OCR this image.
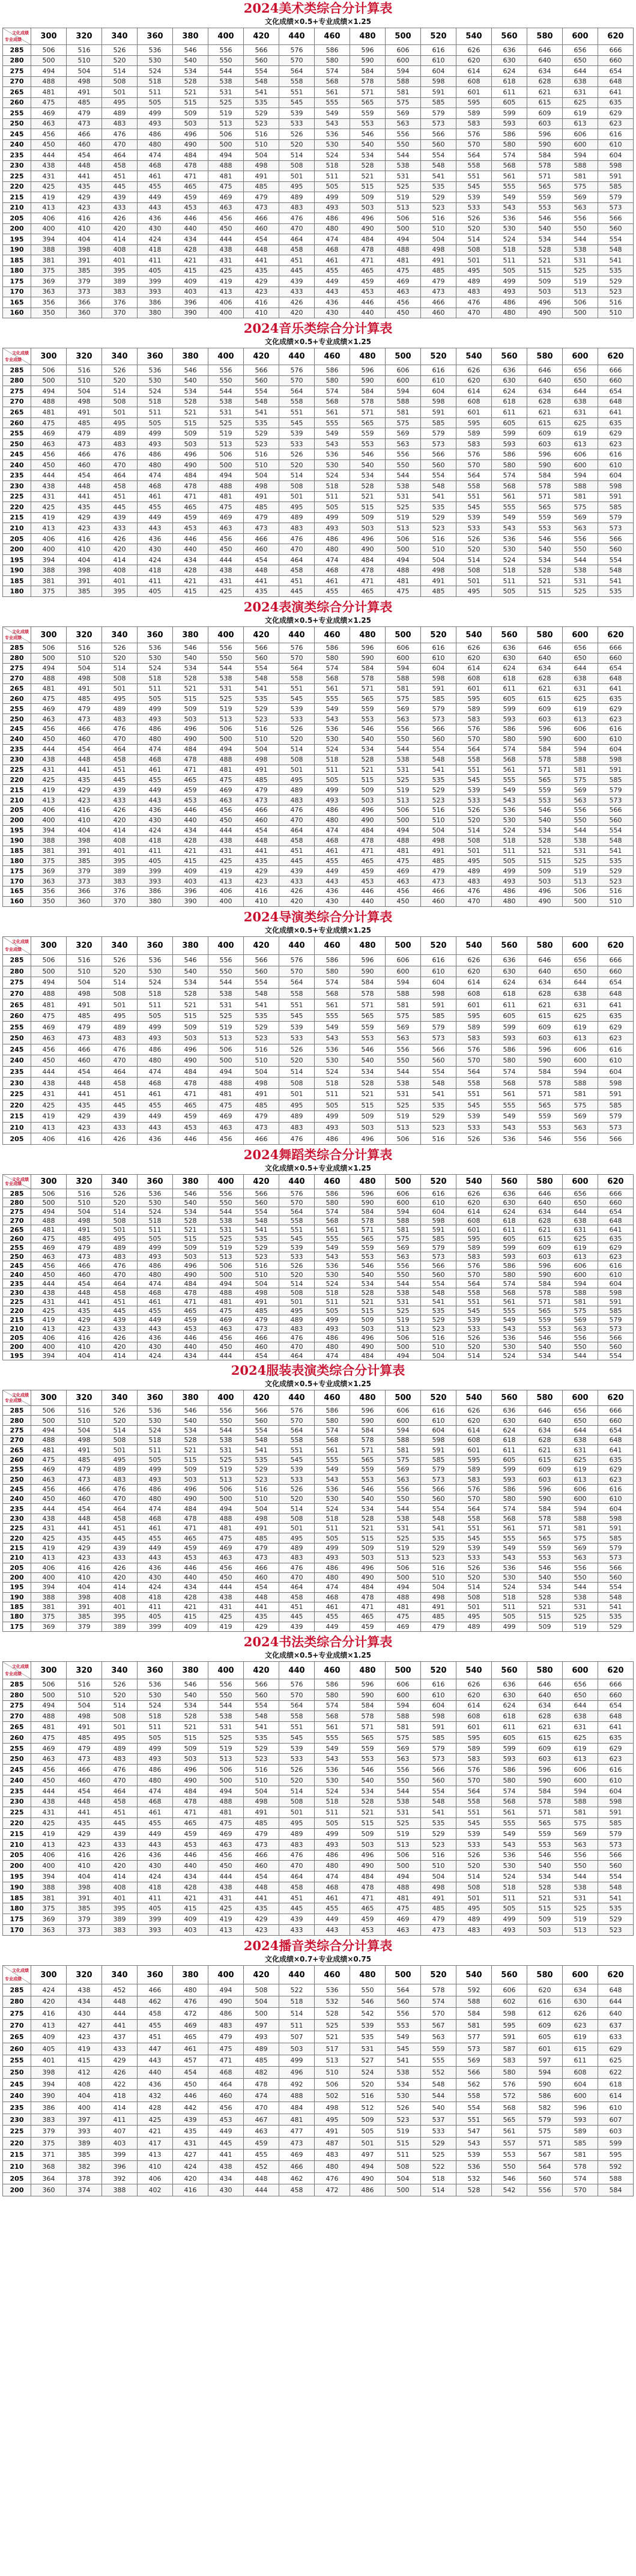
2024美术类综合分计算表
文化成绩×0.5+专业成绩×1.25
文化成绩
专业成绩	300	320	340	360	380	400	420	440	460	480	500	520	540	560	580	600	620
285	506	516	526	536	546	556	566	576	586	596	606	616	626	636	646	656	666
280	500	510	520	530	540	550	560	570	580	590	600	610	620	630	640	650	660
275	494	504	514	524	534	544	554	564	574	584	594	604	614	624	634	644	654
270	488	498	508	518	528	538	548	558	568	578	588	598	608	618	628	638	648
265	481	491	501	511	521	531	541	551	561	571	581	591	601	611	621	631	641
260	475	485	495	505	515	525	535	545	555	565	575	585	595	605	615	625	635
255	469	479	489	499	509	519	529	539	549	559	569	579	589	599	609	619	629
250	463	473	483	493	503	513	523	533	543	553	563	573	583	593	603	613	623
245	456	466	476	486	496	506	516	526	536	546	556	566	576	586	596	606	616
240	450	460	470	480	490	500	510	520	530	540	550	560	570	580	590	600	610
235	444	454	464	474	484	494	504	514	524	534	544	554	564	574	584	594	604
230	438	448	458	468	478	488	498	508	518	528	538	548	558	568	578	588	598
225	431	441	451	461	471	481	491	501	511	521	531	541	551	561	571	581	591
220	425	435	445	455	465	475	485	495	505	515	525	535	545	555	565	575	585
215	419	429	439	449	459	469	479	489	499	509	519	529	539	549	559	569	579
210	413	423	433	443	453	463	473	483	493	503	513	523	533	543	553	563	573
205	406	416	426	436	446	456	466	476	486	496	506	516	526	536	546	556	566
200	400	410	420	430	440	450	460	470	480	490	500	510	520	530	540	550	560
195	394	404	414	424	434	444	454	464	474	484	494	504	514	524	534	544	554
190	388	398	408	418	428	438	448	458	468	478	488	498	508	518	528	538	548
185	381	391	401	411	421	431	441	451	461	471	481	491	501	511	521	531	541
180	375	385	395	405	415	425	435	445	455	465	475	485	495	505	515	525	535
175	369	379	389	399	409	419	429	439	449	459	469	479	489	499	509	519	529
170	363	373	383	393	403	413	423	433	443	453	463	473	483	493	503	513	523
165	356	366	376	386	396	406	416	426	436	446	456	466	476	486	496	506	516
160	350	360	370	380	390	400	410	420	430	440	450	460	470	480	490	500	510
2024音乐类综合分计算表
文化成绩×0.5+专业成绩×1.25
文化成绩
专业成绩	300	320	340	360	380	400	420	440	460	480	500	520	540	560	580	600	620
285	506	516	526	536	546	556	566	576	586	596	606	616	626	636	646	656	666
280	500	510	520	530	540	550	560	570	580	590	600	610	620	630	640	650	660
275	494	504	514	524	534	544	554	564	574	584	594	604	614	624	634	644	654
270	488	498	508	518	528	538	548	558	568	578	588	598	608	618	628	638	648
265	481	491	501	511	521	531	541	551	561	571	581	591	601	611	621	631	641
260	475	485	495	505	515	525	535	545	555	565	575	585	595	605	615	625	635
255	469	479	489	499	509	519	529	539	549	559	569	579	589	599	609	619	629
250	463	473	483	493	503	513	523	533	543	553	563	573	583	593	603	613	623
245	456	466	476	486	496	506	516	526	536	546	556	566	576	586	596	606	616
240	450	460	470	480	490	500	510	520	530	540	550	560	570	580	590	600	610
235	444	454	464	474	484	494	504	514	524	534	544	554	564	574	584	594	604
230	438	448	458	468	478	488	498	508	518	528	538	548	558	568	578	588	598
225	431	441	451	461	471	481	491	501	511	521	531	541	551	561	571	581	591
220	425	435	445	455	465	475	485	495	505	515	525	535	545	555	565	575	585
215	419	429	439	449	459	469	479	489	499	509	519	529	539	549	559	569	579
210	413	423	433	443	453	463	473	483	493	503	513	523	533	543	553	563	573
205	406	416	426	436	446	456	466	476	486	496	506	516	526	536	546	556	566
200	400	410	420	430	440	450	460	470	480	490	500	510	520	530	540	550	560
195	394	404	414	424	434	444	454	464	474	484	494	504	514	524	534	544	554
190	388	398	408	418	428	438	448	458	468	478	488	498	508	518	528	538	548
185	381	391	401	411	421	431	441	451	461	471	481	491	501	511	521	531	541
180	375	385	395	405	415	425	435	445	455	465	475	485	495	505	515	525	535
2024表演类综合分计算表
文化成绩×0.5+专业成绩×1.25
文化成绩
专业成绩	300	320	340	360	380	400	420	440	460	480	500	520	540	560	580	600	620
285	506	516	526	536	546	556	566	576	586	596	606	616	626	636	646	656	666
280	500	510	520	530	540	550	560	570	580	590	600	610	620	630	640	650	660
275	494	504	514	524	534	544	554	564	574	584	594	604	614	624	634	644	654
270	488	498	508	518	528	538	548	558	568	578	588	598	608	618	628	638	648
265	481	491	501	511	521	531	541	551	561	571	581	591	601	611	621	631	641
260	475	485	495	505	515	525	535	545	555	565	575	585	595	605	615	625	635
255	469	479	489	499	509	519	529	539	549	559	569	579	589	599	609	619	629
250	463	473	483	493	503	513	523	533	543	553	563	573	583	593	603	613	623
245	456	466	476	486	496	506	516	526	536	546	556	566	576	586	596	606	616
240	450	460	470	480	490	500	510	520	530	540	550	560	570	580	590	600	610
235	444	454	464	474	484	494	504	514	524	534	544	554	564	574	584	594	604
230	438	448	458	468	478	488	498	508	518	528	538	548	558	568	578	588	598
225	431	441	451	461	471	481	491	501	511	521	531	541	551	561	571	581	591
220	425	435	445	455	465	475	485	495	505	515	525	535	545	555	565	575	585
215	419	429	439	449	459	469	479	489	499	509	519	529	539	549	559	569	579
210	413	423	433	443	453	463	473	483	493	503	513	523	533	543	553	563	573
205	406	416	426	436	446	456	466	476	486	496	506	516	526	536	546	556	566
200	400	410	420	430	440	450	460	470	480	490	500	510	520	530	540	550	560
195	394	404	414	424	434	444	454	464	474	484	494	504	514	524	534	544	554
190	388	398	408	418	428	438	448	458	468	478	488	498	508	518	528	538	548
185	381	391	401	411	421	431	441	451	461	471	481	491	501	511	521	531	541
180	375	385	395	405	415	425	435	445	455	465	475	485	495	505	515	525	535
175	369	379	389	399	409	419	429	439	449	459	469	479	489	499	509	519	529
170	363	373	383	393	403	413	423	433	443	453	463	473	483	493	503	513	523
165	356	366	376	386	396	406	416	426	436	446	456	466	476	486	496	506	516
160	350	360	370	380	390	400	410	420	430	440	450	460	470	480	490	500	510
2024导演类综合分计算表
文化成绩×0.5+专业成绩×1.25
文化成绩
专业成绩	300	320	340	360	380	400	420	440	460	480	500	520	540	560	580	600	620
285	506	516	526	536	546	556	566	576	586	596	606	616	626	636	646	656	666
280	500	510	520	530	540	550	560	570	580	590	600	610	620	630	640	650	660
275	494	504	514	524	534	544	554	564	574	584	594	604	614	624	634	644	654
270	488	498	508	518	528	538	548	558	568	578	588	598	608	618	628	638	648
265	481	491	501	511	521	531	541	551	561	571	581	591	601	611	621	631	641
260	475	485	495	505	515	525	535	545	555	565	575	585	595	605	615	625	635
255	469	479	489	499	509	519	529	539	549	559	569	579	589	599	609	619	629
250	463	473	483	493	503	513	523	533	543	553	563	573	583	593	603	613	623
245	456	466	476	486	496	506	516	526	536	546	556	566	576	586	596	606	616
240	450	460	470	480	490	500	510	520	530	540	550	560	570	580	590	600	610
235	444	454	464	474	484	494	504	514	524	534	544	554	564	574	584	594	604
230	438	448	458	468	478	488	498	508	518	528	538	548	558	568	578	588	598
225	431	441	451	461	471	481	491	501	511	521	531	541	551	561	571	581	591
220	425	435	445	455	465	475	485	495	505	515	525	535	545	555	565	575	585
215	419	429	439	449	459	469	479	489	499	509	519	529	539	549	559	569	579
210	413	423	433	443	453	463	473	483	493	503	513	523	533	543	553	563	573
205	406	416	426	436	446	456	466	476	486	496	506	516	526	536	546	556	566
2024舞蹈类综合分计算表
文化成绩×0.5+专业成绩×1.25
文化成绩
专业成绩	300	320	340	360	380	400	420	440	460	480	500	520	540	560	580	600	620
285	506	516	526	536	546	556	566	576	586	596	606	616	626	636	646	656	666
280	500	510	520	530	540	550	560	570	580	590	600	610	620	630	640	650	660
275	494	504	514	524	534	544	554	564	574	584	594	604	614	624	634	644	654
270	488	498	508	518	528	538	548	558	568	578	588	598	608	618	628	638	648
265	481	491	501	511	521	531	541	551	561	571	581	591	601	611	621	631	641
260	475	485	495	505	515	525	535	545	555	565	575	585	595	605	615	625	635
255	469	479	489	499	509	519	529	539	549	559	569	579	589	599	609	619	629
250	463	473	483	493	503	513	523	533	543	553	563	573	583	593	603	613	623
245	456	466	476	486	496	506	516	526	536	546	556	566	576	586	596	606	616
240	450	460	470	480	490	500	510	520	530	540	550	560	570	580	590	600	610
235	444	454	464	474	484	494	504	514	524	534	544	554	564	574	584	594	604
230	438	448	458	468	478	488	498	508	518	528	538	548	558	568	578	588	598
225	431	441	451	461	471	481	491	501	511	521	531	541	551	561	571	581	591
220	425	435	445	455	465	475	485	495	505	515	525	535	545	555	565	575	585
215	419	429	439	449	459	469	479	489	499	509	519	529	539	549	559	569	579
210	413	423	433	443	453	463	473	483	493	503	513	523	533	543	553	563	573
205	406	416	426	436	446	456	466	476	486	496	506	516	526	536	546	556	566
200	400	410	420	430	440	450	460	470	480	490	500	510	520	530	540	550	560
195	394	404	414	424	434	444	454	464	474	484	494	504	514	524	534	544	554
2024服装表演类综合分计算表
文化成绩×0.5+专业成绩×1.25
文化成绩
专业成绩	300	320	340	360	380	400	420	440	460	480	500	520	540	560	580	600	620
285	506	516	526	536	546	556	566	576	586	596	606	616	626	636	646	656	666
280	500	510	520	530	540	550	560	570	580	590	600	610	620	630	640	650	660
275	494	504	514	524	534	544	554	564	574	584	594	604	614	624	634	644	654
270	488	498	508	518	528	538	548	558	568	578	588	598	608	618	628	638	648
265	481	491	501	511	521	531	541	551	561	571	581	591	601	611	621	631	641
260	475	485	495	505	515	525	535	545	555	565	575	585	595	605	615	625	635
255	469	479	489	499	509	519	529	539	549	559	569	579	589	599	609	619	629
250	463	473	483	493	503	513	523	533	543	553	563	573	583	593	603	613	623
245	456	466	476	486	496	506	516	526	536	546	556	566	576	586	596	606	616
240	450	460	470	480	490	500	510	520	530	540	550	560	570	580	590	600	610
235	444	454	464	474	484	494	504	514	524	534	544	554	564	574	584	594	604
230	438	448	458	468	478	488	498	508	518	528	538	548	558	568	578	588	598
225	431	441	451	461	471	481	491	501	511	521	531	541	551	561	571	581	591
220	425	435	445	455	465	475	485	495	505	515	525	535	545	555	565	575	585
215	419	429	439	449	459	469	479	489	499	509	519	529	539	549	559	569	579
210	413	423	433	443	453	463	473	483	493	503	513	523	533	543	553	563	573
205	406	416	426	436	446	456	466	476	486	496	506	516	526	536	546	556	566
200	400	410	420	430	440	450	460	470	480	490	500	510	520	530	540	550	560
195	394	404	414	424	434	444	454	464	474	484	494	504	514	524	534	544	554
190	388	398	408	418	428	438	448	458	468	478	488	498	508	518	528	538	548
185	381	391	401	411	421	431	441	451	461	471	481	491	501	511	521	531	541
180	375	385	395	405	415	425	435	445	455	465	475	485	495	505	515	525	535
175	369	379	389	399	409	419	429	439	449	459	469	479	489	499	509	519	529
2024书法类综合分计算表
文化成绩×0.5+专业成绩×1.25
文化成绩
专业成绩	300	320	340	360	380	400	420	440	460	480	500	520	540	560	580	600	620
285	506	516	526	536	546	556	566	576	586	596	606	616	626	636	646	656	666
280	500	510	520	530	540	550	560	570	580	590	600	610	620	630	640	650	660
275	494	504	514	524	534	544	554	564	574	584	594	604	614	624	634	644	654
270	488	498	508	518	528	538	548	558	568	578	588	598	608	618	628	638	648
265	481	491	501	511	521	531	541	551	561	571	581	591	601	611	621	631	641
260	475	485	495	505	515	525	535	545	555	565	575	585	595	605	615	625	635
255	469	479	489	499	509	519	529	539	549	559	569	579	589	599	609	619	629
250	463	473	483	493	503	513	523	533	543	553	563	573	583	593	603	613	623
245	456	466	476	486	496	506	516	526	536	546	556	566	576	586	596	606	616
240	450	460	470	480	490	500	510	520	530	540	550	560	570	580	590	600	610
235	444	454	464	474	484	494	504	514	524	534	544	554	564	574	584	594	604
230	438	448	458	468	478	488	498	508	518	528	538	548	558	568	578	588	598
225	431	441	451	461	471	481	491	501	511	521	531	541	551	561	571	581	591
220	425	435	445	455	465	475	485	495	505	515	525	535	545	555	565	575	585
215	419	429	439	449	459	469	479	489	499	509	519	529	539	549	559	569	579
210	413	423	433	443	453	463	473	483	493	503	513	523	533	543	553	563	573
205	406	416	426	436	446	456	466	476	486	496	506	516	526	536	546	556	566
200	400	410	420	430	440	450	460	470	480	490	500	510	520	530	540	550	560
195	394	404	414	424	434	444	454	464	474	484	494	504	514	524	534	544	554
190	388	398	408	418	428	438	448	458	468	478	488	498	508	518	528	538	548
185	381	391	401	411	421	431	441	451	461	471	481	491	501	511	521	531	541
180	375	385	395	405	415	425	435	445	455	465	475	485	495	505	515	525	535
175	369	379	389	399	409	419	429	439	449	459	469	479	489	499	509	519	529
170	363	373	383	393	403	413	423	433	443	453	463	473	483	493	503	513	523
2024播音类综合分计算表
文化成绩×0.7+专业成绩×0.75
文化成绩
专业成绩	300	320	340	360	380	400	420	440	460	480	500	520	540	560	580	600	620
285	424	438	452	466	480	494	508	522	536	550	564	578	592	606	620	634	648
280	420	434	448	462	476	490	504	518	532	546	560	574	588	602	616	630	644
275	416	430	444	458	472	486	500	514	528	542	556	570	584	598	612	626	640
270	413	427	441	455	469	483	497	511	525	539	553	567	581	595	609	623	637
265	409	423	437	451	465	479	493	507	521	535	549	563	577	591	605	619	633
260	405	419	433	447	461	475	489	503	517	531	545	559	573	587	601	615	629
255	401	415	429	443	457	471	485	499	513	527	541	555	569	583	597	611	625
250	398	412	426	440	454	468	482	496	510	524	538	552	566	580	594	608	622
245	394	408	422	436	450	464	478	492	506	520	534	548	562	576	590	604	618
240	390	404	418	432	446	460	474	488	502	516	530	544	558	572	586	600	614
235	386	400	414	428	442	456	470	484	498	512	526	540	554	568	582	596	610
230	383	397	411	425	439	453	467	481	495	509	523	537	551	565	579	593	607
225	379	393	407	421	435	449	463	477	491	505	519	533	547	561	575	589	603
220	375	389	403	417	431	445	459	473	487	501	515	529	543	557	571	585	599
215	371	385	399	413	427	441	455	469	483	497	511	525	539	553	567	581	595
210	368	382	396	410	424	438	452	466	480	494	508	522	536	550	564	578	592
205	364	378	392	406	420	434	448	462	476	490	504	518	532	546	560	574	588
200	360	374	388	402	416	430	444	458	472	486	500	514	528	542	556	570	584
